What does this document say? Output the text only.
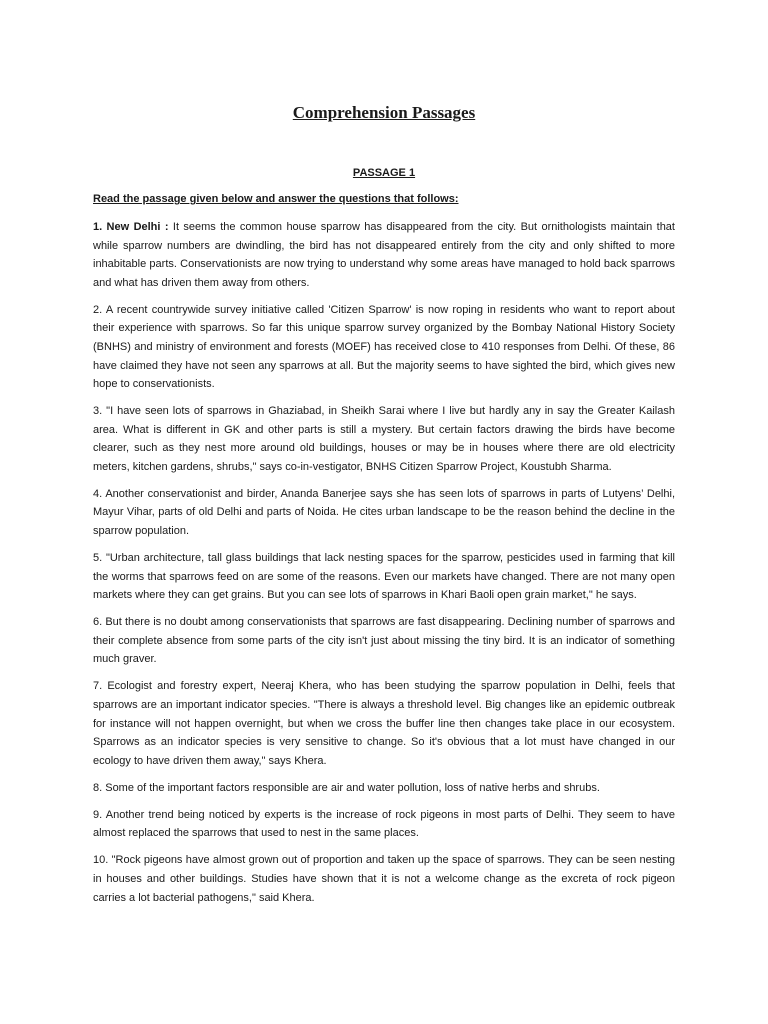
Comprehension Passages
PASSAGE 1

Read the passage given below and answer the questions that follows:

1. New Delhi : It seems the common house sparrow has disappeared from the city. But ornithologists maintain that while sparrow numbers are dwindling, the bird has not disappeared entirely from the city and only shifted to more inhabitable parts. Conservationists are now trying to understand why some areas have managed to hold back sparrows and what has driven them away from others.

2. A recent countrywide survey initiative called 'Citizen Sparrow' is now roping in residents who want to report about their experience with sparrows. So far this unique sparrow survey organized by the Bombay National History Society (BNHS) and ministry of environment and forests (MOEF) has received close to 410 responses from Delhi. Of these, 86 have claimed they have not seen any sparrows at all. But the majority seems to have sighted the bird, which gives new hope to conservationists.

3. "I have seen lots of sparrows in Ghaziabad, in Sheikh Sarai where I live but hardly any in say the Greater Kailash area. What is different in GK and other parts is still a mystery. But certain factors drawing the birds have become clearer, such as they nest more around old buildings, houses or may be in houses where there are old electricity meters, kitchen gardens, shrubs," says co-in-vestigator, BNHS Citizen Sparrow Project, Koustubh Sharma.

4. Another conservationist and birder, Ananda Banerjee says she has seen lots of sparrows in parts of Lutyens’ Delhi, Mayur Vihar, parts of old Delhi and parts of Noida. He cites urban landscape to be the reason behind the decline in the sparrow population.

5. "Urban architecture, tall glass buildings that lack nesting spaces for the sparrow, pesticides used in farming that kill the worms that sparrows feed on are some of the reasons. Even our markets have changed. There are not many open markets where they can get grains. But you can see lots of sparrows in Khari Baoli open grain market," he says.

6. But there is no doubt among conservationists that sparrows are fast disappearing. Declining number of sparrows and their complete absence from some parts of the city isn't just about missing the tiny bird. It is an indicator of something much graver.

7. Ecologist and forestry expert, Neeraj Khera, who has been studying the sparrow population in Delhi, feels that sparrows are an important indicator species. "There is always a threshold level. Big changes like an epidemic outbreak for instance will not happen overnight, but when we cross the buffer line then changes take place in our ecosystem. Sparrows as an indicator species is very sensitive to change. So it's obvious that a lot must have changed in our ecology to have driven them away," says Khera.

8. Some of the important factors responsible are air and water pollution, loss of native herbs and shrubs.

9. Another trend being noticed by experts is the increase of rock pigeons in most parts of Delhi. They seem to have almost replaced the sparrows that used to nest in the same places.

10. "Rock pigeons have almost grown out of proportion and taken up the space of sparrows. They can be seen nesting in houses and other buildings. Studies have shown that it is not a welcome change as the excreta of rock pigeon carries a lot bacterial pathogens," said Khera.
